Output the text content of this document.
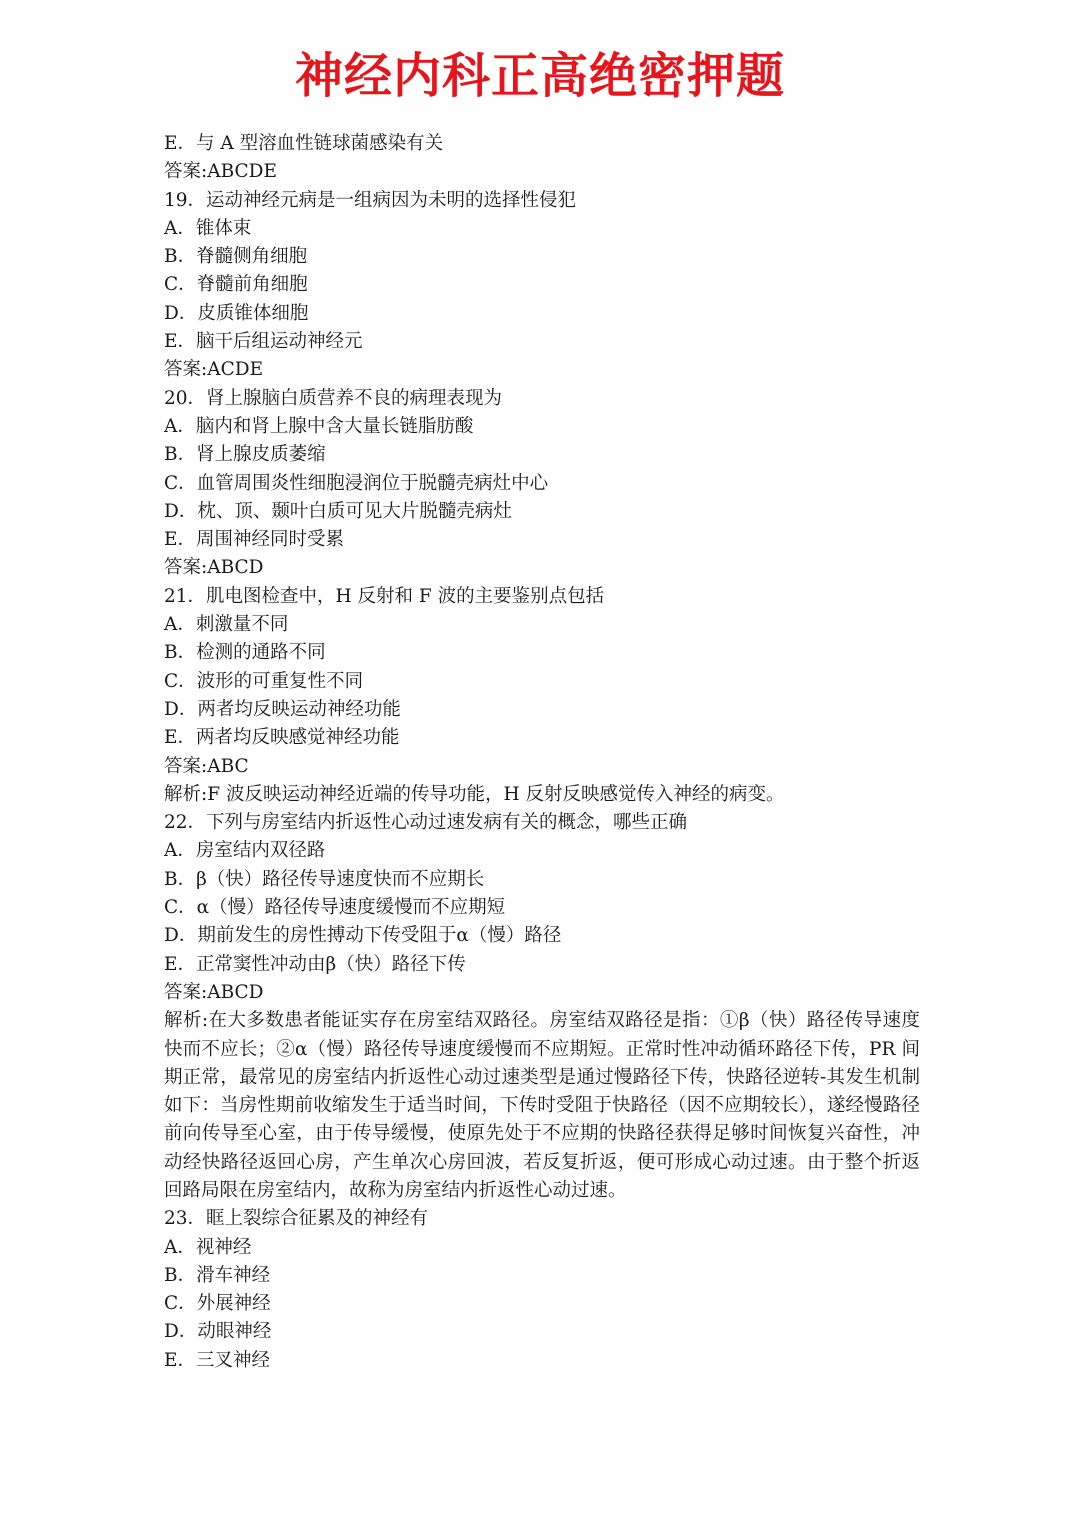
神经内科正高绝密押题
E．与 A 型溶血性链球菌感染有关
答案:ABCDE
19．运动神经元病是一组病因为未明的选择性侵犯
A．锥体束
B．脊髓侧角细胞
C．脊髓前角细胞
D．皮质锥体细胞
E．脑干后组运动神经元
答案:ACDE
20．肾上腺脑白质营养不良的病理表现为
A．脑内和肾上腺中含大量长链脂肪酸
B．肾上腺皮质萎缩
C．血管周围炎性细胞浸润位于脱髓壳病灶中心
D．枕、顶、颞叶白质可见大片脱髓壳病灶
E．周围神经同时受累
答案:ABCD
21．肌电图检查中，H 反射和 F 波的主要鉴别点包括
A．刺激量不同
B．检测的通路不同
C．波形的可重复性不同
D．两者均反映运动神经功能
E．两者均反映感觉神经功能
答案:ABC
解析:F 波反映运动神经近端的传导功能，H 反射反映感觉传入神经的病变。
22．下列与房室结内折返性心动过速发病有关的概念，哪些正确
A．房室结内双径路
B．β（快）路径传导速度快而不应期长
C．α（慢）路径传导速度缓慢而不应期短
D．期前发生的房性搏动下传受阻于α（慢）路径
E．正常窦性冲动由β（快）路径下传
答案:ABCD
解析:在大多数患者能证实存在房室结双路径。房室结双路径是指：①β（快）路径传导速度快而不应长；②α（慢）路径传导速度缓慢而不应期短。正常时性冲动循环路径下传，PR 间期正常，最常见的房室结内折返性心动过速类型是通过慢路径下传，快路径逆转-其发生机制如下：当房性期前收缩发生于适当时间，下传时受阻于快路径（因不应期较长），遂经慢路径前向传导至心室，由于传导缓慢，使原先处于不应期的快路径获得足够时间恢复兴奋性，冲动经快路径返回心房，产生单次心房回波，若反复折返，便可形成心动过速。由于整个折返回路局限在房室结内，故称为房室结内折返性心动过速。
23．眶上裂综合征累及的神经有
A．视神经
B．滑车神经
C．外展神经
D．动眼神经
E．三叉神经
